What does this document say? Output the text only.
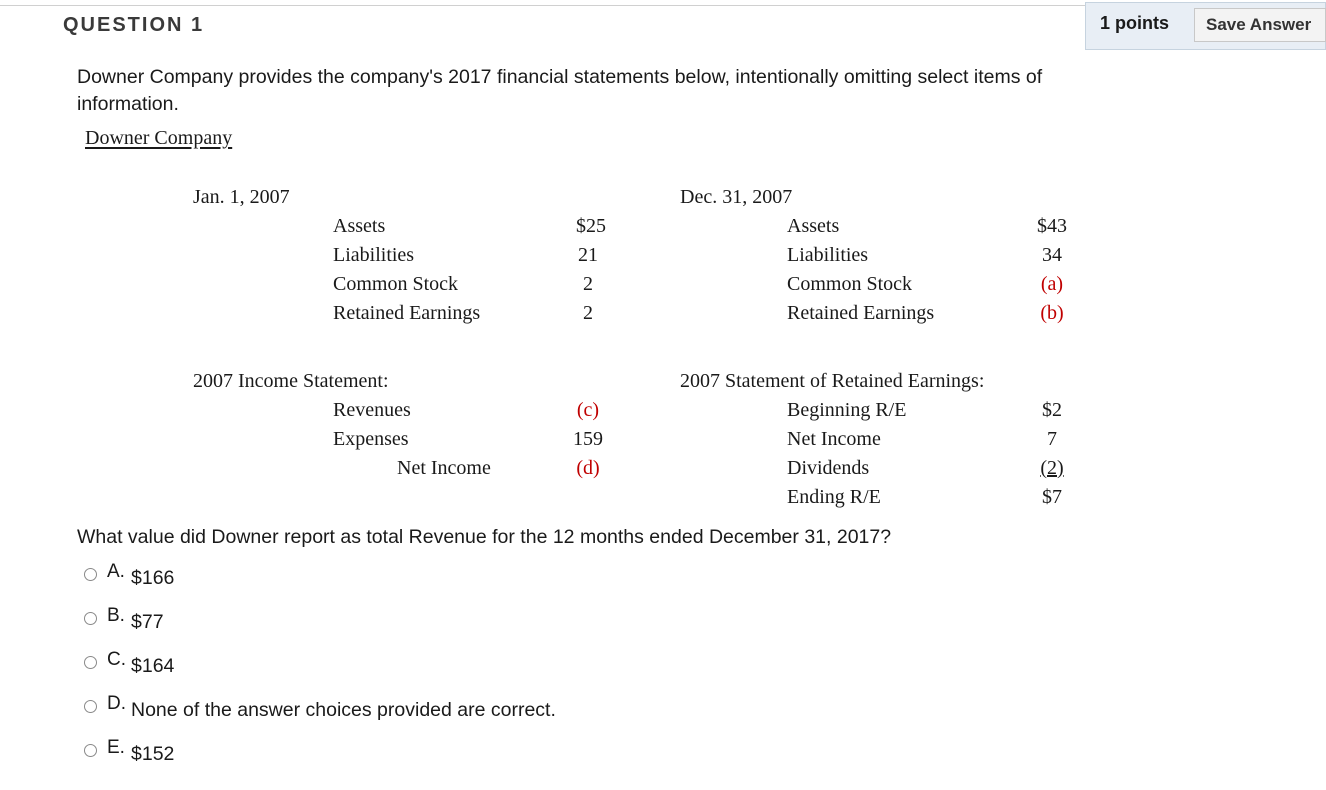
QUESTION 1	1 points	Save Answer
Downer Company provides the company's 2017 financial statements below, intentionally omitting select items of information.
Downer Company
Jan. 1, 2007
Assets	$25
Liabilities	21
Common Stock	2
Retained Earnings	2
Dec. 31, 2007
Assets	$43
Liabilities	34
Common Stock	(a)
Retained Earnings	(b)
2007 Income Statement:
Revenues	(c)
Expenses	159
Net Income	(d)
2007 Statement of Retained Earnings:
Beginning R/E	$2
Net Income	7
Dividends	(2)
Ending R/E	$7
What value did Downer report as total Revenue for the 12 months ended December 31, 2017?
A. $166
B. $77
C. $164
D. None of the answer choices provided are correct.
E. $152
